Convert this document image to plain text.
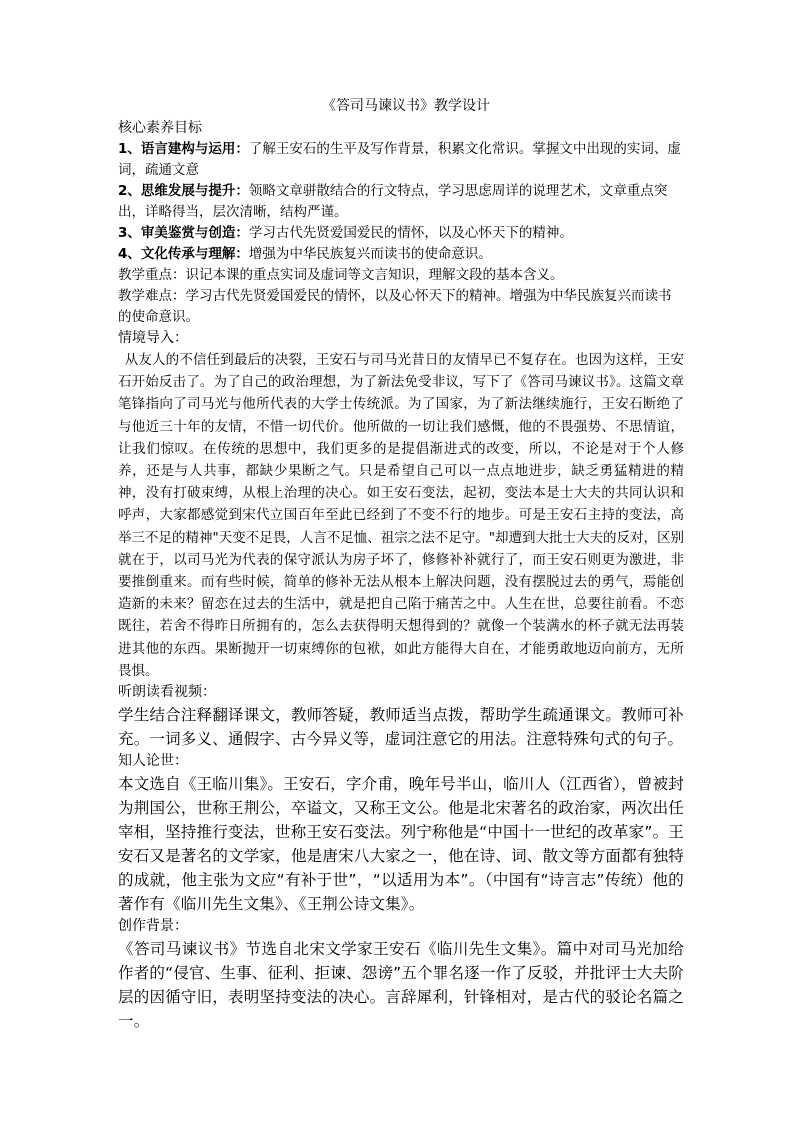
《答司马谏议书》教学设计

核心素养目标

1、语言建构与运用：了解王安石的生平及写作背景，积累文化常识。掌握文中出现的实词、虚词，疏通文意

2、思维发展与提升：领略文章骈散结合的行文特点，学习思虑周详的说理艺术，文章重点突出，详略得当，层次清晰，结构严谨。

3、审美鉴赏与创造：学习古代先贤爱国爱民的情怀，以及心怀天下的精神。

4、文化传承与理解：增强为中华民族复兴而读书的使命意识。

教学重点：识记本课的重点实词及虚词等文言知识，理解文段的基本含义。

教学难点：学习古代先贤爱国爱民的情怀，以及心怀天下的精神。增强为中华民族复兴而读书的使命意识。

情境导入：

从友人的不信任到最后的决裂，王安石与司马光昔日的友情早已不复存在。也因为这样，王安石开始反击了。为了自己的政治理想，为了新法免受非议，写下了《答司马谏议书》。这篇文章笔锋指向了司马光与他所代表的大学士传统派。为了国家，为了新法继续施行，王安石断绝了与他近三十年的友情，不惜一切代价。他所做的一切让我们感慨，他的不畏强势、不思情谊，让我们惊叹。在传统的思想中，我们更多的是提倡渐进式的改变，所以，不论是对于个人修养，还是与人共事，都缺少果断之气。只是希望自己可以一点点地进步，缺乏勇猛精进的精神，没有打破束缚，从根上治理的决心。如王安石变法，起初，变法本是士大夫的共同认识和呼声，大家都感觉到宋代立国百年至此已经到了不变不行的地步。可是王安石主持的变法，高举三不足的精神"天变不足畏，人言不足恤、祖宗之法不足守。"却遭到大批士大夫的反对，区别就在于，以司马光为代表的保守派认为房子坏了，修修补补就行了，而王安石则更为激进，非要推倒重来。而有些时候，简单的修补无法从根本上解决问题，没有摆脱过去的勇气，焉能创造新的未来？留恋在过去的生活中，就是把自己陷于痛苦之中。人生在世，总要往前看。不恋既往，若舍不得昨日所拥有的，怎么去获得明天想得到的？就像一个装满水的杯子就无法再装进其他的东西。果断抛开一切束缚你的包袱，如此方能得大自在，才能勇敢地迈向前方，无所畏惧。

听朗读看视频：

学生结合注释翻译课文，教师答疑，教师适当点拨，帮助学生疏通课文。教师可补充。一词多义、通假字、古今异义等，虚词注意它的用法。注意特殊句式的句子。

知人论世：

本文选自《王临川集》。王安石，字介甫，晚年号半山，临川人（江西省），曾被封为荆国公，世称王荆公，卒谥文，又称王文公。他是北宋著名的政治家，两次出任宰相，坚持推行变法，世称王安石变法。列宁称他是“中国十一世纪的改革家”。王安石又是著名的文学家，他是唐宋八大家之一，他在诗、词、散文等方面都有独特的成就，他主张为文应“有补于世”，“以适用为本”。（中国有“诗言志”传统）他的著作有《临川先生文集》、《王荆公诗文集》。

创作背景：

《答司马谏议书》节选自北宋文学家王安石《临川先生文集》。篇中对司马光加给作者的“侵官、生事、征利、拒谏、怨谤”五个罪名逐一作了反驳，并批评士大夫阶层的因循守旧，表明坚持变法的决心。言辞犀利，针锋相对，是古代的驳论名篇之一。
